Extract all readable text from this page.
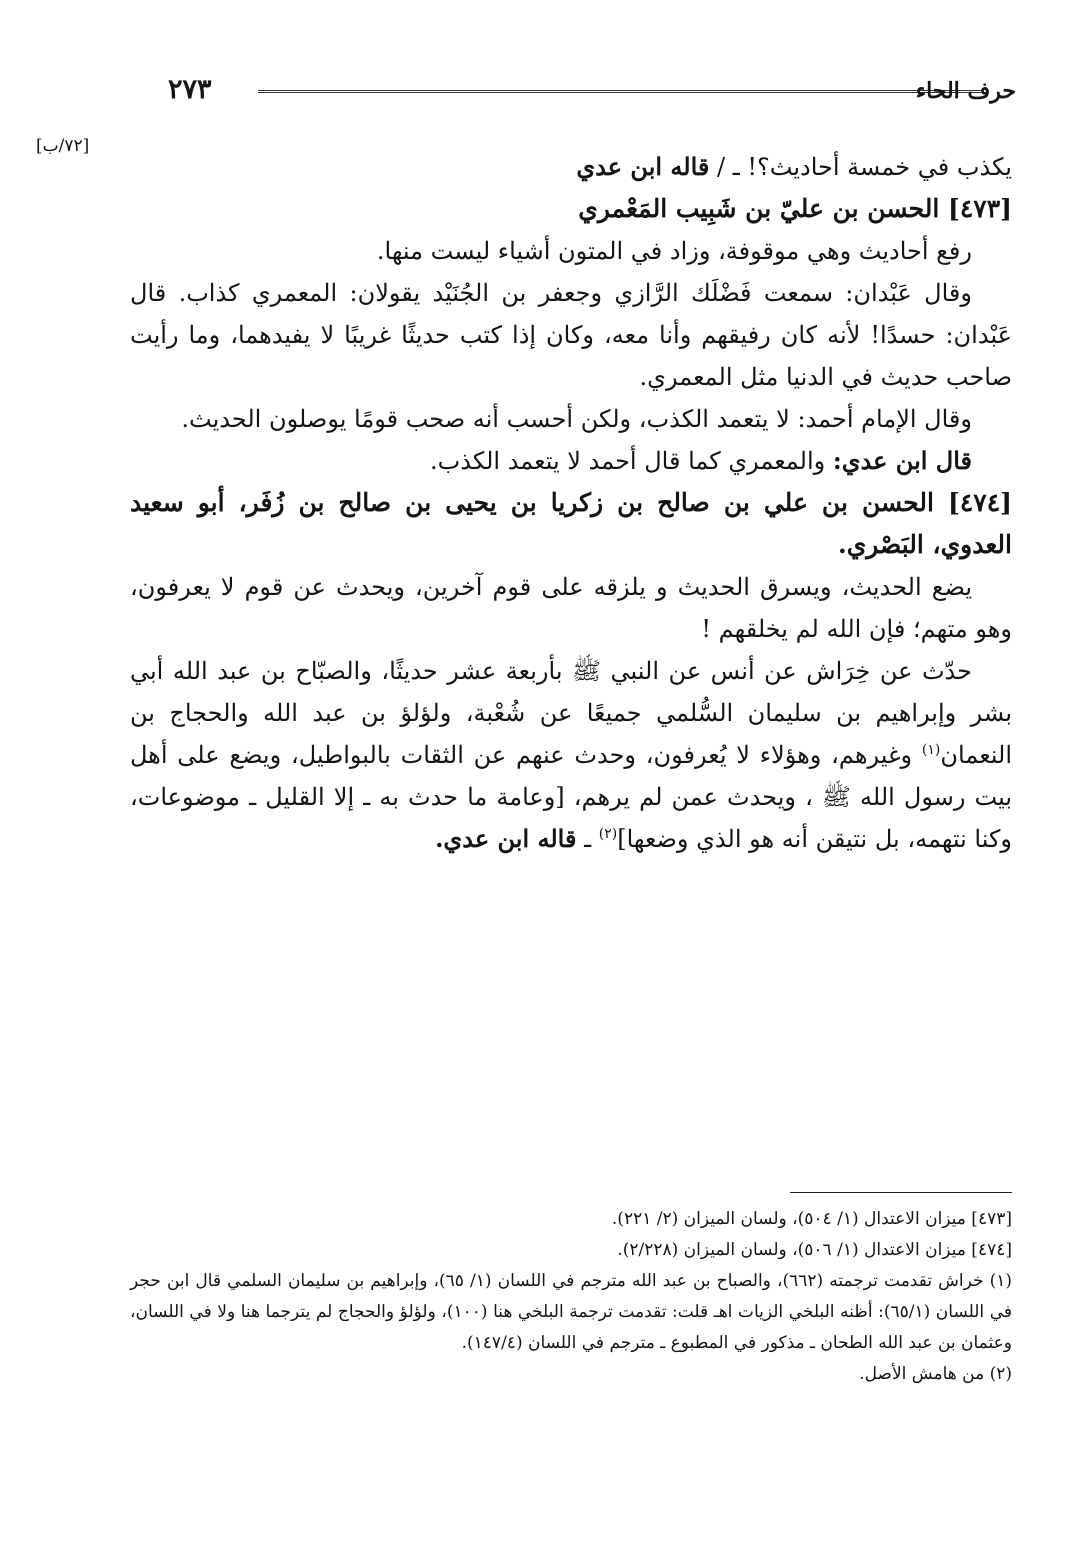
٢٧٣	حرف الحاء
[٧٢/ب]

يكذب في خمسة أحاديث؟! ـ / قاله ابن عدي

[٤٧٣] الحسن بن عليّ بن شَبِيب المَعْمري

رفع أحاديث وهي موقوفة، وزاد في المتون أشياء ليست منها.

وقال عَبْدان: سمعت فَضْلَك الرَّازي وجعفر بن الجُنَيْد يقولان: المعمري كذاب. قال عَبْدان: حسدًا! لأنه كان رفيقهم وأنا معه، وكان إذا كتب حديثًا غريبًا لا يفيدهما، وما رأيت صاحب حديث في الدنيا مثل المعمري.

وقال الإمام أحمد: لا يتعمد الكذب، ولكن أحسب أنه صحب قومًا يوصلون الحديث.

قال ابن عدي: والمعمري كما قال أحمد لا يتعمد الكذب.

[٤٧٤] الحسن بن علي بن صالح بن زكريا بن يحيى بن صالح بن زُفَر، أبو سعيد العدوي، البَصْري.

يضع الحديث، ويسرق الحديث و يلزقه على قوم آخرين، ويحدث عن قوم لا يعرفون، وهو متهم؛ فإن الله لم يخلقهم !

حدّث عن خِرَاش عن أنس عن النبي ﷺ بأربعة عشر حديثًا، والصبّاح بن عبد الله أبي بشر وإبراهيم بن سليمان السُّلمي جميعًا عن شُعْبة، ولؤلؤ بن عبد الله والحجاج بن النعمان$^{(١)}$ وغيرهم، وهؤلاء لا يُعرفون، وحدث عنهم عن الثقات بالبواطيل، ويضع على أهل بيت رسول الله ﷺ ، ويحدث عمن لم يرهم، [وعامة ما حدث به ـ إلا القليل ـ موضوعات، وكنا نتهمه، بل نتيقن أنه هو الذي وضعها]$^{(٢)}$ ـ قاله ابن عدي.

[٤٧٣] ميزان الاعتدال (١/ ٥٠٤)، ولسان الميزان (٢/ ٢٢١).

[٤٧٤] ميزان الاعتدال (١/ ٥٠٦)، ولسان الميزان (٢/٢٢٨).

(١) خراش تقدمت ترجمته (٦٦٢)، والصباح بن عبد الله مترجم في اللسان (١/ ٦٥)، وإبراهيم بن سليمان السلمي قال ابن حجر في اللسان (٦٥/١): أظنه البلخي الزيات اهـ قلت: تقدمت ترجمة البلخي هنا (١٠٠)، ولؤلؤ والحجاج لم يترجما هنا ولا في اللسان، وعثمان بن عبد الله الطحان ـ مذكور في المطبوع ـ مترجم في اللسان (١٤٧/٤).

(٢) من هامش الأصل.
